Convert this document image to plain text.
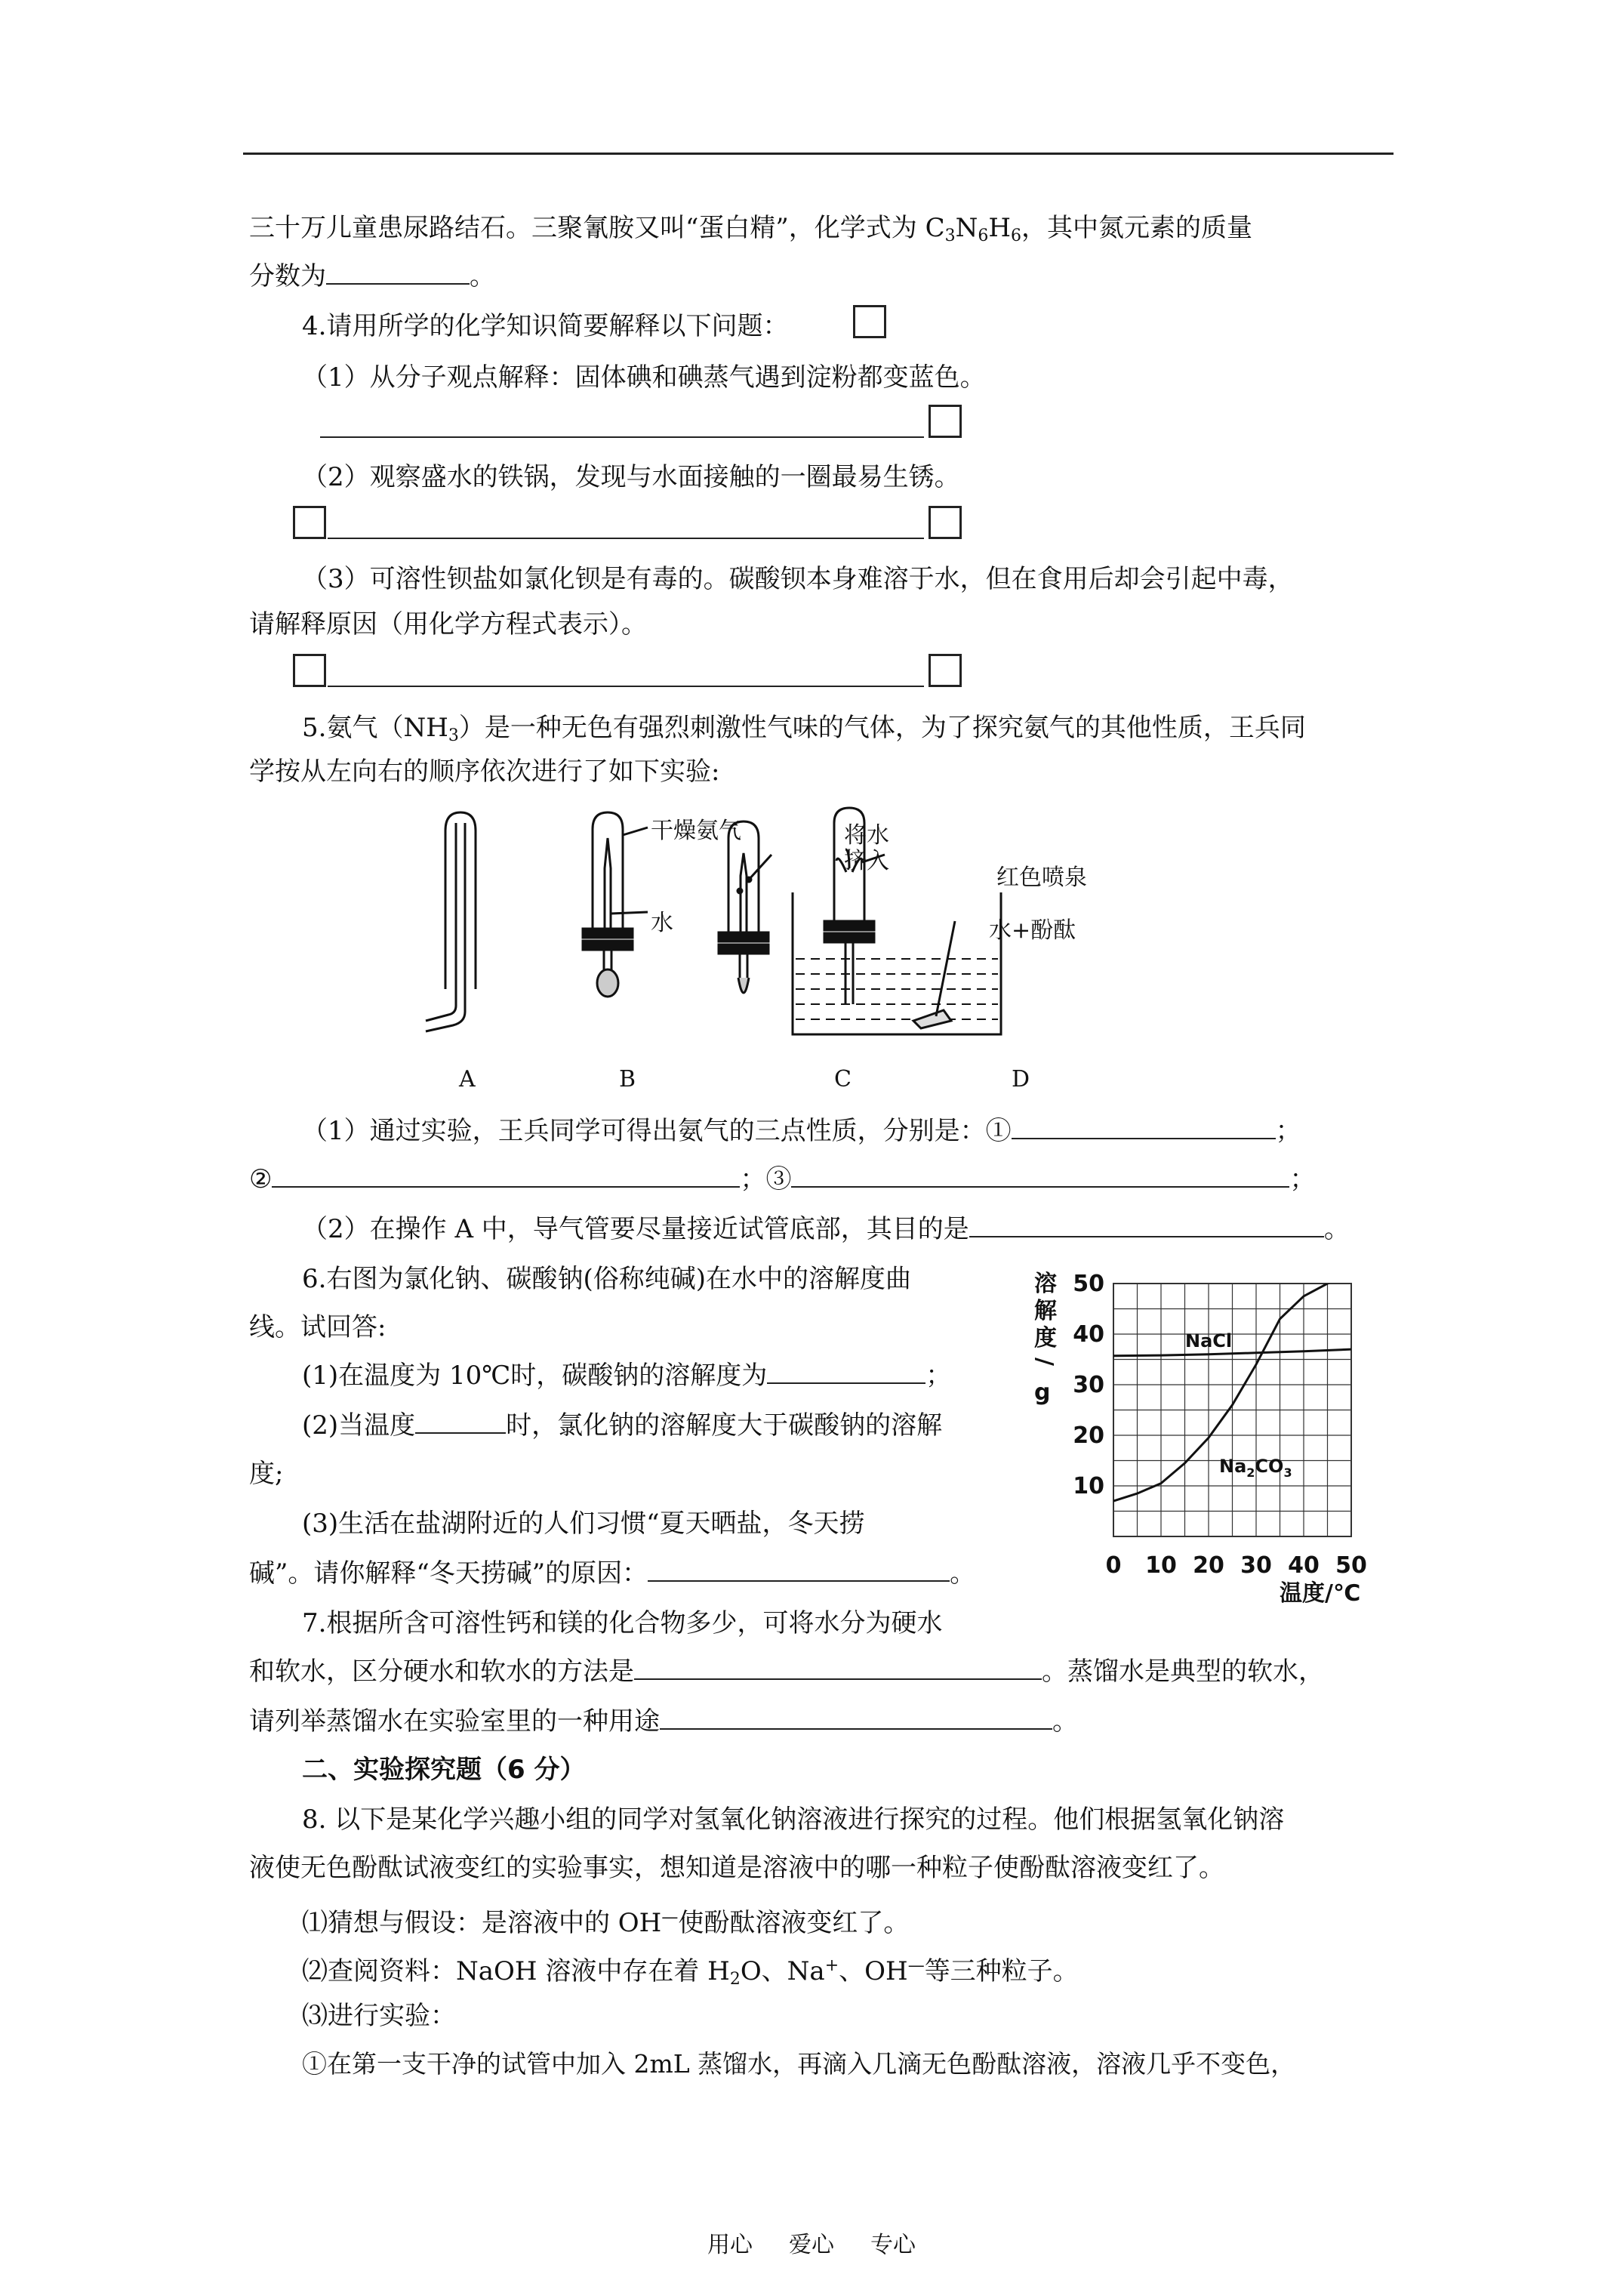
三十万儿童患尿路结石。三聚氰胺又叫“蛋白精”，化学式为 $C_3N_6H_6$，其中氮元素的质量
分数为	。
4.请用所学的化学知识简要解释以下问题：
（1）从分子观点解释：固体碘和碘蒸气遇到淀粉都变蓝色。
（2）观察盛水的铁锅，发现与水面接触的一圈最易生锈。
（3）可溶性钡盐如氯化钡是有毒的。碳酸钡本身难溶于水，但在食用后却会引起中毒，
请解释原因（用化学方程式表示）。
5.氨气$(NH_3)$是一种无色有强烈刺激性气味的气体，为了探究氨气的其他性质，王兵同
学按从左向右的顺序依次进行了如下实验:
干燥氨气
水
将水
挤入
红色喷泉
水+酚酞
A	B	C	D
（1）通过实验，王兵同学可得出氨气的三点性质，分别是：①	；
②	；③	；
（2）在操作 A 中，导气管要尽量接近试管底部，其目的是	。
6.右图为氯化钠、碳酸钠(俗称纯碱)在水中的溶解度曲
线。试回答:
(1)在温度为 10℃时，碳酸钠的溶解度为	；
(2)当温度	时，氯化钠的溶解度大于碳酸钠的溶解
度;
(3)生活在盐湖附近的人们习惯“夏天晒盐，冬天捞
碱”。请你解释“冬天捞碱”的原因：	。	0 10 20 30 40 50
10
20
30
40
50
溶
解
度
/
g
温度/℃
NaCl
$Na_2CO_3$
7.根据所含可溶性钙和镁的化合物多少，可将水分为硬水
和软水，区分硬水和软水的方法是	。蒸馏水是典型的软水，
请列举蒸馏水在实验室里的一种用途	。
二、实验探究题（6 分）
8. 以下是某化学兴趣小组的同学对氢氧化钠溶液进行探究的过程。他们根据氢氧化钠溶
液使无色酚酞试液变红的实验事实，想知道是溶液中的哪一种粒子使酚酞溶液变红了。
⑴猜想与假设：是溶液中的 OH—使酚酞溶液变红了。
⑵查阅资料：NaOH 溶液中存在着 $H_2O$、Na+、OH—等三种粒子。
⑶进行实验：
①在第一支干净的试管中加入 2mL 蒸馏水，再滴入几滴无色酚酞溶液，溶液几乎不变色，
用心 爱心 专心
